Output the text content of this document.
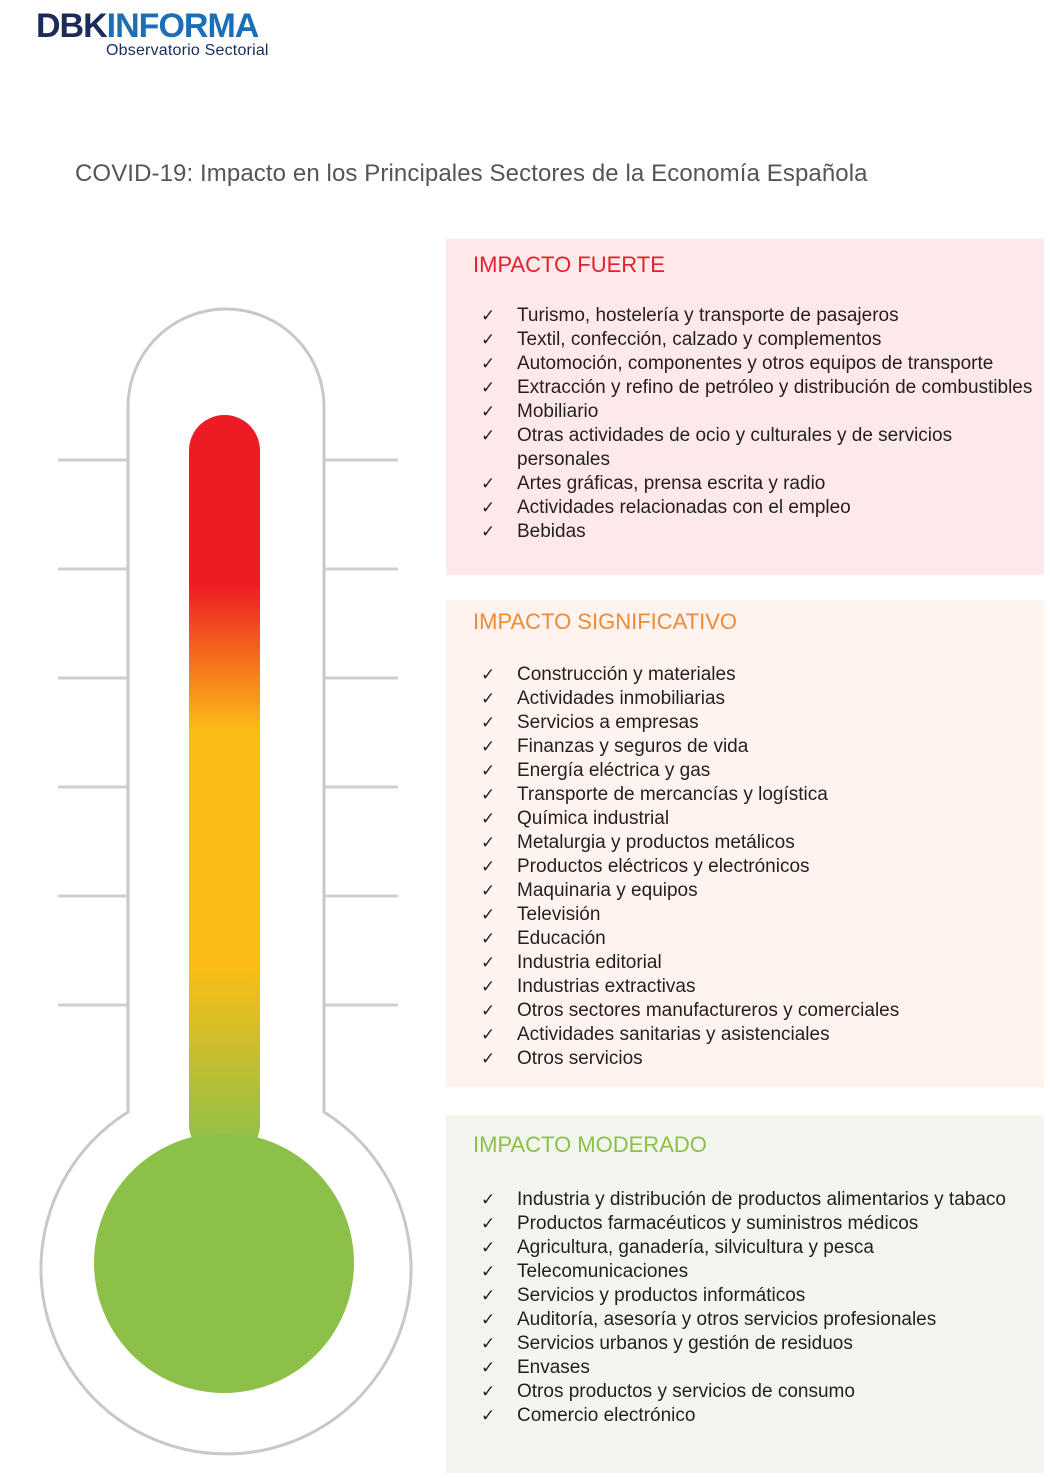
DBKINFORMA
Observatorio Sectorial
COVID-19: Impacto en los Principales Sectores de la Economía Española
IMPACTO FUERTE
✓ Turismo, hostelería y transporte de pasajeros
✓ Textil, confección, calzado y complementos
✓ Automoción, componentes y otros equipos de transporte
✓ Extracción y refino de petróleo y distribución de combustibles
✓ Mobiliario
✓ Otras actividades de ocio y culturales y de servicios personales
✓ Artes gráficas, prensa escrita y radio
✓ Actividades relacionadas con el empleo
✓ Bebidas
IMPACTO SIGNIFICATIVO
✓ Construcción y materiales
✓ Actividades inmobiliarias
✓ Servicios a empresas
✓ Finanzas y seguros de vida
✓ Energía eléctrica y gas
✓ Transporte de mercancías y logística
✓ Química industrial
✓ Metalurgia y productos metálicos
✓ Productos eléctricos y electrónicos
✓ Maquinaria y equipos
✓ Televisión
✓ Educación
✓ Industria editorial
✓ Industrias extractivas
✓ Otros sectores manufactureros y comerciales
✓ Actividades sanitarias y asistenciales
✓ Otros servicios
IMPACTO MODERADO
✓ Industria y distribución de productos alimentarios y tabaco
✓ Productos farmacéuticos y suministros médicos
✓ Agricultura, ganadería, silvicultura y pesca
✓ Telecomunicaciones
✓ Servicios y productos informáticos
✓ Auditoría, asesoría y otros servicios profesionales
✓ Servicios urbanos y gestión de residuos
✓ Envases
✓ Otros productos y servicios de consumo
✓ Comercio electrónico
